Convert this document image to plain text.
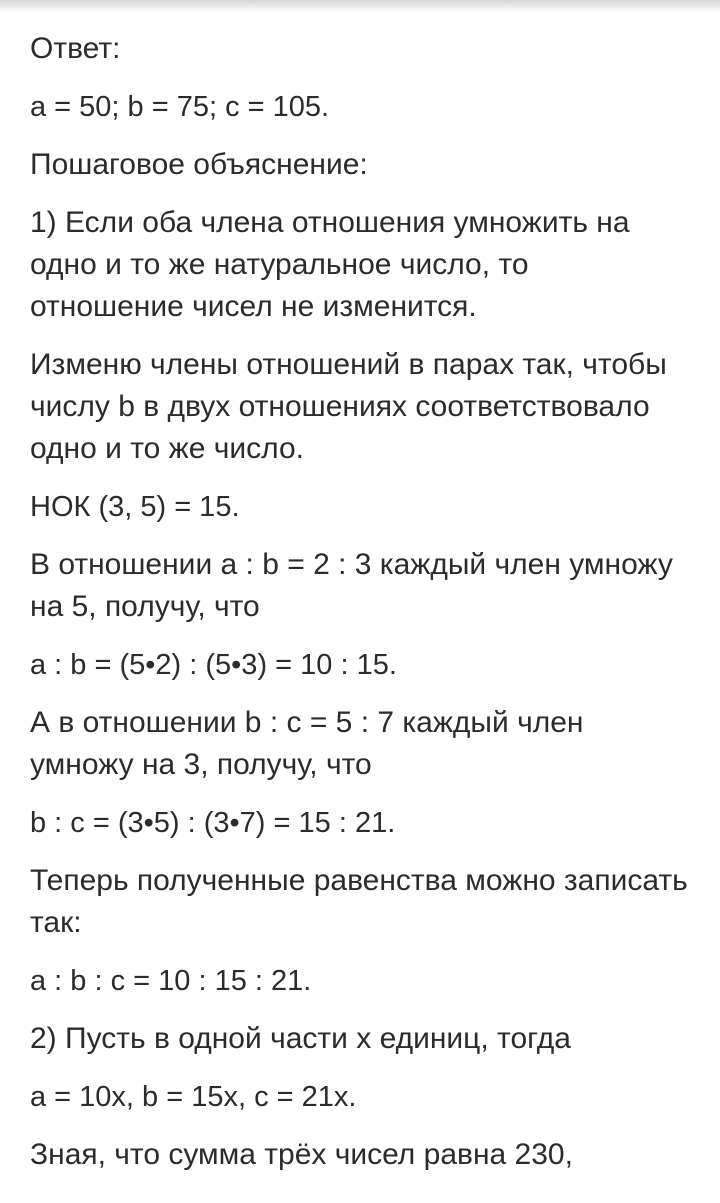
Ответ:

a = 50; b = 75; c = 105.

Пошаговое объяснение:

1) Если оба члена отношения умножить на одно и то же натуральное число, то отношение чисел не изменится.

Изменю члены отношений в парах так, чтобы числу b в двух отношениях соответствовало одно и то же число.

НОК (3, 5) = 15.

В отношении a : b = 2 : 3 каждый член умножу на 5, получу, что

a : b = (5•2) : (5•3) = 10 : 15.

А в отношении b : c = 5 : 7 каждый член умножу на 3, получу, что

b : c = (3•5) : (3•7) = 15 : 21.

Теперь полученные равенства можно записать так:

a : b : c = 10 : 15 : 21.

2) Пусть в одной части х единиц, тогда

a = 10x, b = 15x, c = 21x.

Зная, что сумма трёх чисел равна 230,
